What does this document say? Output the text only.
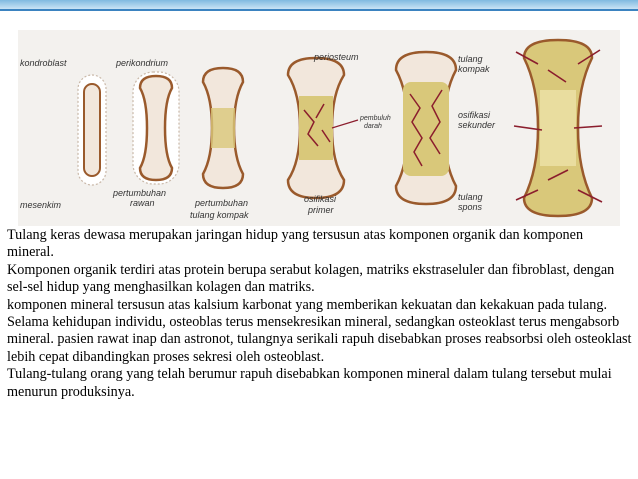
kondroblast	perikondrium
mesenkim
pertumbuhan
rawan	pertumbuhan
tulang kompak
periosteum
pembuluh
darah
osifikasi
primer
tulang
kompak
osifikasi
sekunder
tulang
spons

Tulang keras dewasa merupakan jaringan hidup yang tersusun atas komponen organik dan komponen mineral.

Komponen organik terdiri atas protein berupa serabut kolagen, matriks ekstraseluler dan fibroblast, dengan sel-sel hidup yang menghasilkan kolagen dan matriks.

komponen mineral tersusun atas kalsium karbonat yang memberikan kekuatan dan kekakuan pada tulang.

Selama kehidupan individu, osteoblas terus mensekresikan mineral, sedangkan osteoklast terus mengabsorb mineral. pasien rawat inap dan astronot, tulangnya serikali rapuh disebabkan proses reabsorbsi oleh osteoklast lebih cepat dibandingkan proses sekresi oleh osteoblast.

Tulang-tulang orang yang telah berumur rapuh disebabkan komponen mineral dalam tulang tersebut mulai menurun produksinya.
